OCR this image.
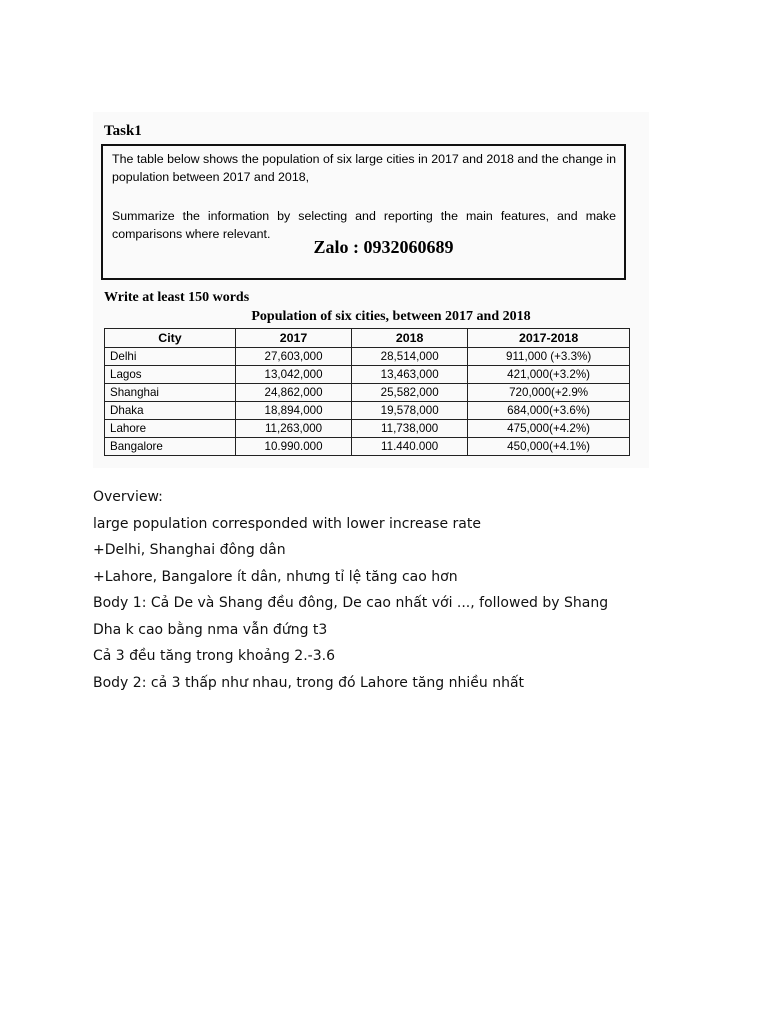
Task1
The table below shows the population of six large cities in 2017 and 2018 and the change in population between 2017 and 2018,
Summarize the information by selecting and reporting the main features, and make comparisons where relevant.
Zalo : 0932060689
Write at least 150 words
Population of six cities, between 2017 and 2018
City	2017	2018	2017-2018
Delhi	27,603,000	28,514,000	911,000 (+3.3%)
Lagos	13,042,000	13,463,000	421,000(+3.2%)
Shanghai	24,862,000	25,582,000	720,000(+2.9%
Dhaka	18,894,000	19,578,000	684,000(+3.6%)
Lahore	11,263,000	11,738,000	475,000(+4.2%)
Bangalore	10.990.000	11.440.000	450,000(+4.1%)

Overview:

large population corresponded with lower increase rate

+Delhi, Shanghai đông dân

+Lahore, Bangalore ít dân, nhưng tỉ lệ tăng cao hơn

Body 1: Cả De và Shang đều đông, De cao nhất với ..., followed by Shang

Dha k cao bằng nma vẫn đứng t3

Cả 3 đều tăng trong khoảng 2.-3.6

Body 2: cả 3 thấp như nhau, trong đó Lahore tăng nhiều nhất
